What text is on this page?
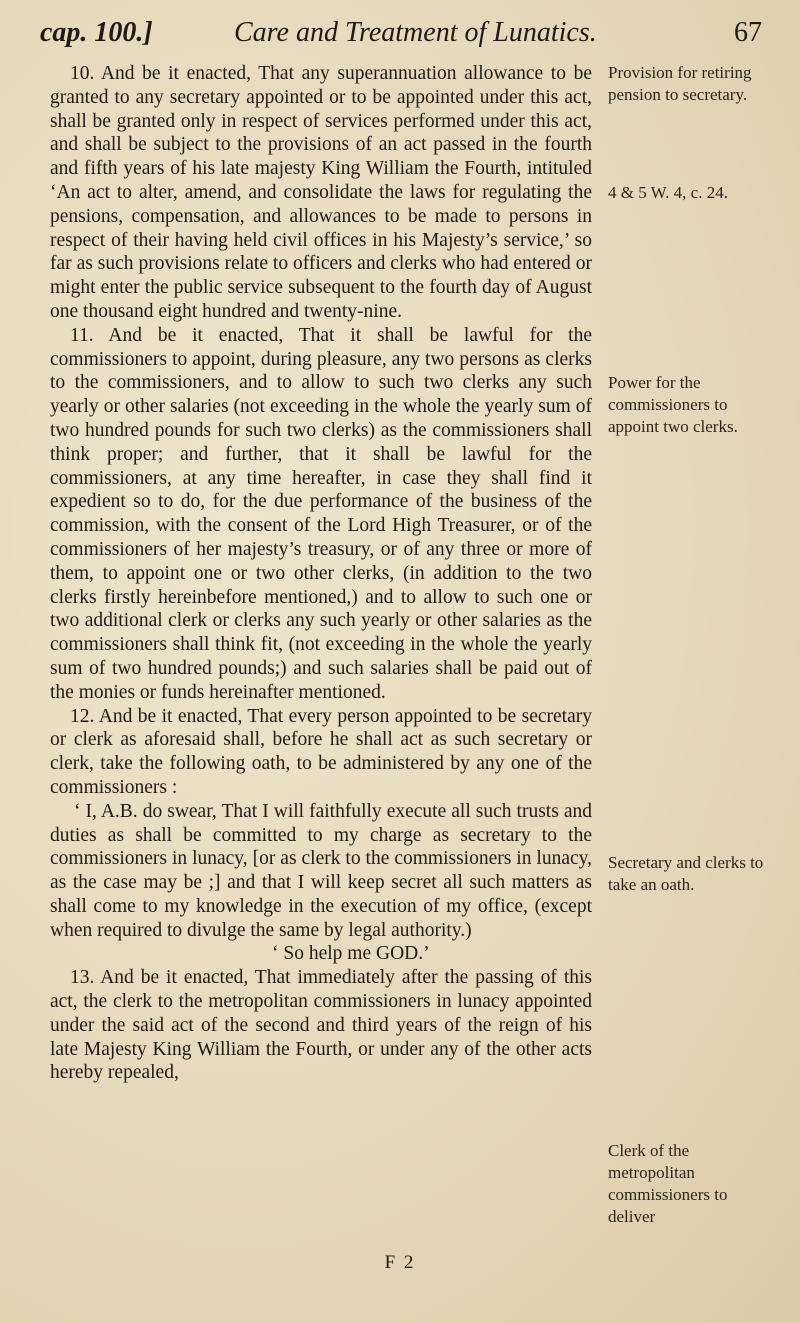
cap. 100.]	Care and Treatment of Lunatics.	67

10. And be it enacted, That any superannuation allowance to be granted to any secretary appointed or to be appointed under this act, shall be granted only in respect of services performed under this act, and shall be subject to the provisions of an act passed in the fourth and fifth years of his late majesty King William the Fourth, intituled ‘An act to alter, amend, and consolidate the laws for regulating the pensions, compensation, and allowances to be made to persons in respect of their having held civil offices in his Majesty’s service,’ so far as such provisions relate to officers and clerks who had entered or might enter the public service subsequent to the fourth day of August one thousand eight hundred and twenty-nine.

11. And be it enacted, That it shall be lawful for the commissioners to appoint, during pleasure, any two persons as clerks to the commissioners, and to allow to such two clerks any such yearly or other salaries (not exceeding in the whole the yearly sum of two hundred pounds for such two clerks) as the commissioners shall think proper; and further, that it shall be lawful for the commissioners, at any time hereafter, in case they shall find it expedient so to do, for the due performance of the business of the commission, with the consent of the Lord High Treasurer, or of the commissioners of her majesty’s treasury, or of any three or more of them, to appoint one or two other clerks, (in addition to the two clerks firstly hereinbefore mentioned,) and to allow to such one or two additional clerk or clerks any such yearly or other salaries as the commissioners shall think fit, (not exceeding in the whole the yearly sum of two hundred pounds;) and such salaries shall be paid out of the monies or funds hereinafter mentioned.

12. And be it enacted, That every person appointed to be secretary or clerk as aforesaid shall, before he shall act as such secretary or clerk, take the following oath, to be administered by any one of the commissioners :

‘ I, A.B. do swear, That I will faithfully execute all such trusts and duties as shall be committed to my charge as secretary to the commissioners in lunacy, [or as clerk to the commissioners in lunacy, as the case may be ;] and that I will keep secret all such matters as shall come to my knowledge in the execution of my office, (except when required to divulge the same by legal authority.)

‘ So help me GOD.’

13. And be it enacted, That immediately after the passing of this act, the clerk to the metropolitan commissioners in lunacy appointed under the said act of the second and third years of the reign of his late Majesty King William the Fourth, or under any of the other acts hereby repealed,

Provision for retiring pension to secretary.
4 & 5 W. 4, c. 24.
Power for the commissioners to appoint two clerks.
Secretary and clerks to take an oath.
Clerk of the metropolitan commissioners to deliver
F 2
